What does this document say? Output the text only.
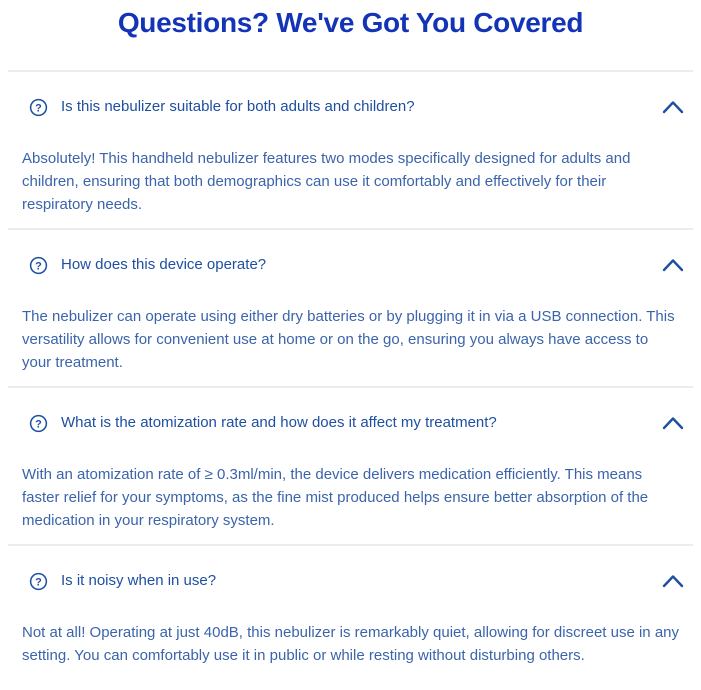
Questions? We've Got You Covered
? Is this nebulizer suitable for both adults and children?

Absolutely! This handheld nebulizer features two modes specifically designed for adults and children, ensuring that both demographics can use it comfortably and effectively for their respiratory needs.

? How does this device operate?

The nebulizer can operate using either dry batteries or by plugging it in via a USB connection. This versatility allows for convenient use at home or on the go, ensuring you always have access to your treatment.

? What is the atomization rate and how does it affect my treatment?

With an atomization rate of ≥ 0.3ml/min, the device delivers medication efficiently. This means faster relief for your symptoms, as the fine mist produced helps ensure better absorption of the medication in your respiratory system.

? Is it noisy when in use?

Not at all! Operating at just 40dB, this nebulizer is remarkably quiet, allowing for discreet use in any setting. You can comfortably use it in public or while resting without disturbing others.
